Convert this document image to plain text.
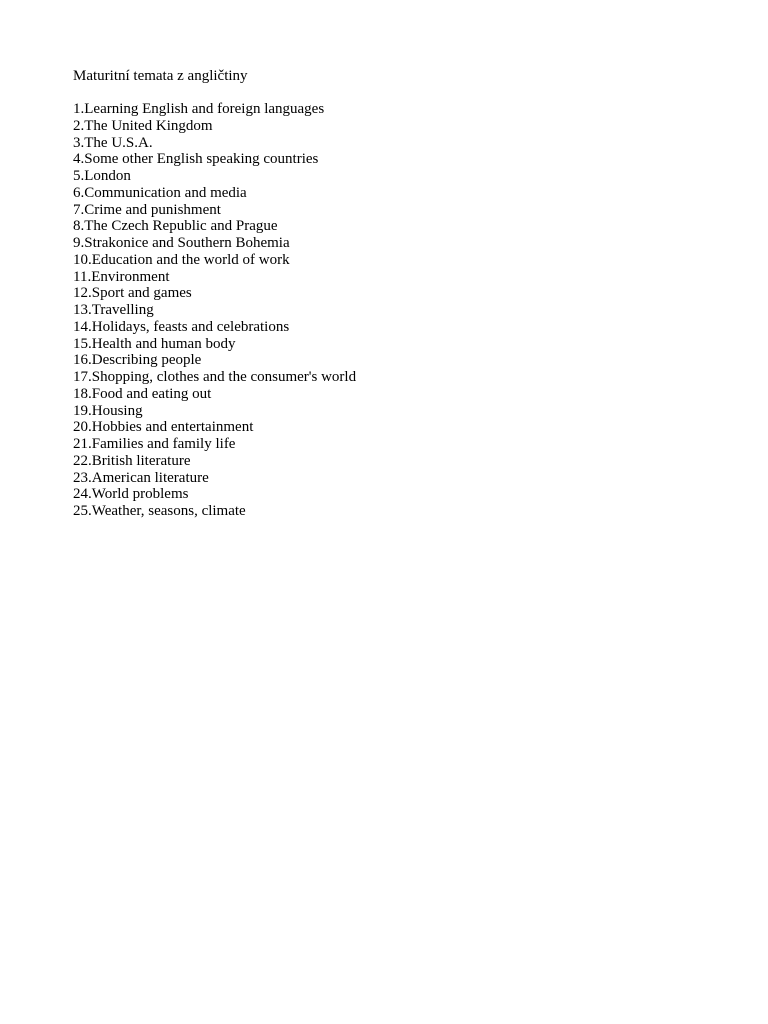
Maturitní temata z angličtiny

1.Learning English and foreign languages
2.The United Kingdom
3.The U.S.A.
4.Some other English speaking countries
5.London
6.Communication and media
7.Crime and punishment
8.The Czech Republic and Prague
9.Strakonice and Southern Bohemia
10.Education and the world of work
11.Environment
12.Sport and games
13.Travelling
14.Holidays, feasts and celebrations
15.Health and human body
16.Describing people
17.Shopping, clothes and the consumer's world
18.Food and eating out
19.Housing
20.Hobbies and entertainment
21.Families and family life
22.British literature
23.American literature
24.World problems
25.Weather, seasons, climate
